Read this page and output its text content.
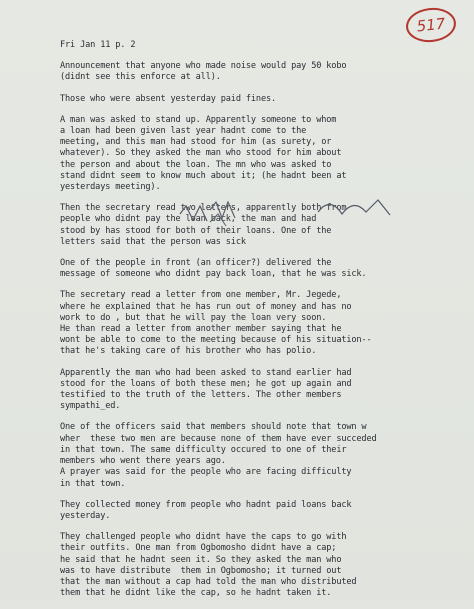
517
Fri Jan 11 p. 2
Announcement that anyone who made noise would pay 50 kobo
(didnt see this enforce at all).
Those who were absent yesterday paid fines.
A man was asked to stand up. Apparently someone to whom
a loan had been given last year hadnt come to the
meeting, and this man had stood for him (as surety, or
whatever). So they asked the man who stood for him about
the person and about the loan. The mn who was asked to
stand didnt seem to know much about it; (he hadnt been at
yesterdays meeting).
Then the secretary read two letters, apparently both from
people who didnt pay the loan back, the man and had
stood by has stood for both of their loans. One of the
letters said that the person was sick
One of the people in front (an officer?) delivered the
message of someone who didnt pay back loan, that he was sick.
The secretary read a letter from one member, Mr. Jegede,
where he explained that he has run out of money and has no
work to do , but that he will pay the loan very soon.
He than read a letter from another member saying that he
wont be able to come to the meeting because of his situation--
that he's taking care of his brother who has polio.
Apparently the man who had been asked to stand earlier had
stood for the loans of both these men; he got up again and
testified to the truth of the letters. The other members
sympathi_ed.
One of the officers said that members should note that town w
wher  these two men are because none of them have ever succeded
in that town. The same difficulty occured to one of their
members who went there years ago.
A prayer was said for the people who are facing difficulty
in that town.
They collected money from people who hadnt paid loans back
yesterday.
They challenged people who didnt have the caps to go with
their outfits. One man from Ogbomosho didnt have a cap;
he said that he hadnt seen it. So they asked the man who
was to have distribute  them in Ogbomosho; it turned out
that the man without a cap had told the man who distributed
them that he didnt like the cap, so he hadnt taken it.
